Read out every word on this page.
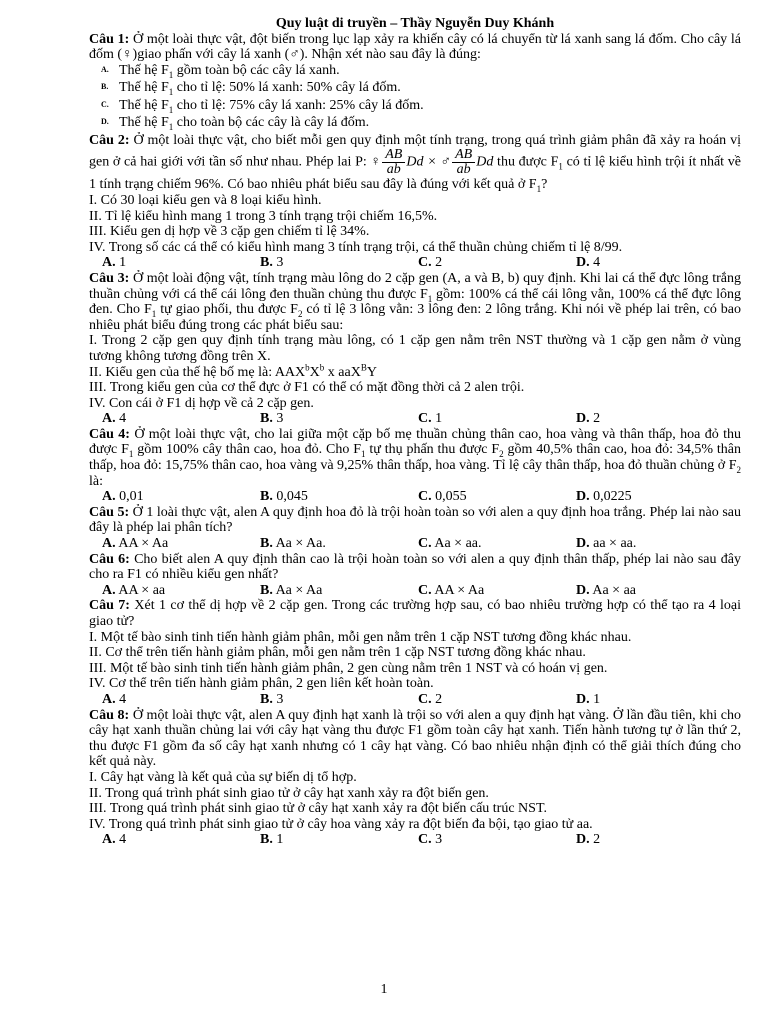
Quy luật di truyền – Thầy Nguyễn Duy Khánh
Câu 1: Ở một loài thực vật, đột biến trong lục lạp xảy ra khiến cây có lá chuyển từ lá xanh sang lá đốm. Cho cây lá đốm (♀)giao phấn với cây lá xanh (♂). Nhận xét nào sau đây là đúng:
A. Thế hệ $F_1$ gồm toàn bộ các cây lá xanh.
B. Thế hệ $F_1$ cho tỉ lệ: 50% lá xanh: 50% cây lá đốm.
C. Thế hệ $F_1$ cho tỉ lệ: 75% cây lá xanh: 25% cây lá đốm.
D. Thế hệ $F_1$ cho toàn bộ các cây là cây lá đốm.
Câu 2: Ở một loài thực vật, cho biết mỗi gen quy định một tính trạng, trong quá trình giảm phân đã xảy ra hoán vị gen ở cả hai giới với tần số như nhau. Phép lai P: ♀ $\frac{AB}{ab}$ Dd × ♂ $\frac{AB}{ab}$ Dd thu được $F_1$ có tỉ lệ kiểu hình trội ít nhất về 1 tính trạng chiếm 96%. Có bao nhiêu phát biểu sau đây là đúng với kết quả ở $F_1$?
I. Có 30 loại kiểu gen và 8 loại kiểu hình.
II. Tỉ lệ kiểu hình mang 1 trong 3 tính trạng trội chiếm 16,5%.
III. Kiểu gen dị hợp về 3 cặp gen chiếm tỉ lệ 34%.
IV. Trong số các cá thể có kiểu hình mang 3 tính trạng trội, cá thể thuần chủng chiếm tỉ lệ 8/99.
A. 1	B. 3	C. 2	D. 4
Câu 3: Ở một loài động vật, tính trạng màu lông do 2 cặp gen (A, a và B, b) quy định. Khi lai cá thể đực lông trắng thuần chủng với cá thể cái lông đen thuần chủng thu được $F_1$ gồm: 100% cá thể cái lông vằn, 100% cá thể đực lông đen. Cho $F_1$ tự giao phối, thu được $F_2$ có tỉ lệ 3 lông vằn: 3 lông đen: 2 lông trắng. Khi nói về phép lai trên, có bao nhiêu phát biểu đúng trong các phát biểu sau:
I. Trong 2 cặp gen quy định tính trạng màu lông, có 1 cặp gen nằm trên NST thường và 1 cặp gen nằm ở vùng tương không tương đồng trên X.
II. Kiểu gen của thế hệ bố mẹ là: $AAX^bX^b$ x aaX$^B$Y
III. Trong kiểu gen của cơ thể đực ở F1 có thể có mặt đồng thời cả 2 alen trội.
IV. Con cái ở F1 dị hợp về cả 2 cặp gen.
A. 4	B. 3	C. 1	D. 2
Câu 4: Ở một loài thực vật, cho lai giữa một cặp bố mẹ thuần chủng thân cao, hoa vàng và thân thấp, hoa đỏ thu được $F_1$ gồm 100% cây thân cao, hoa đỏ. Cho $F_1$ tự thụ phấn thu được $F_2$ gồm 40,5% thân cao, hoa đỏ: 34,5% thân thấp, hoa đỏ: 15,75% thân cao, hoa vàng và 9,25% thân thấp, hoa vàng. Tỉ lệ cây thân thấp, hoa đỏ thuần chủng ở $F_2$ là:
A. 0,01	B. 0,045	C. 0,055	D. 0,0225
Câu 5: Ở 1 loài thực vật, alen A quy định hoa đỏ là trội hoàn toàn so với alen a quy định hoa trắng. Phép lai nào sau đây là phép lai phân tích?
A. AA × Aa	B. Aa × Aa.	C. Aa × aa.	D. aa × aa.
Câu 6: Cho biết alen A quy định thân cao là trội hoàn toàn so với alen a quy định thân thấp, phép lai nào sau đây cho ra F1 có nhiều kiểu gen nhất?
A. AA × aa	B. Aa × Aa	C. AA × Aa	D. Aa × aa
Câu 7: Xét 1 cơ thể dị hợp về 2 cặp gen. Trong các trường hợp sau, có bao nhiêu trường hợp có thể tạo ra 4 loại giao tử?
I. Một tế bào sinh tinh tiến hành giảm phân, mỗi gen nằm trên 1 cặp NST tương đồng khác nhau.
II. Cơ thể trên tiến hành giảm phân, mỗi gen nằm trên 1 cặp NST tương đồng khác nhau.
III. Một tế bào sinh tinh tiến hành giảm phân, 2 gen cùng nằm trên 1 NST và có hoán vị gen.
IV. Cơ thể trên tiến hành giảm phân, 2 gen liên kết hoàn toàn.
A. 4	B. 3	C. 2	D. 1
Câu 8: Ở một loài thực vật, alen A quy định hạt xanh là trội so với alen a quy định hạt vàng. Ở lần đầu tiên, khi cho cây hạt xanh thuần chủng lai với cây hạt vàng thu được F1 gồm toàn cây hạt xanh. Tiến hành tương tự ở lần thứ 2, thu được F1 gồm đa số cây hạt xanh nhưng có 1 cây hạt vàng. Có bao nhiêu nhận định có thể giải thích đúng cho kết quả này.
I. Cây hạt vàng là kết quả của sự biến dị tổ hợp.
II. Trong quá trình phát sinh giao tử ở cây hạt xanh xảy ra đột biến gen.
III. Trong quá trình phát sinh giao tử ở cây hạt xanh xảy ra đột biến cấu trúc NST.
IV. Trong quá trình phát sinh giao tử ở cây hoa vàng xảy ra đột biến đa bội, tạo giao tử aa.
A. 4	B. 1	C. 3	D. 2
1
